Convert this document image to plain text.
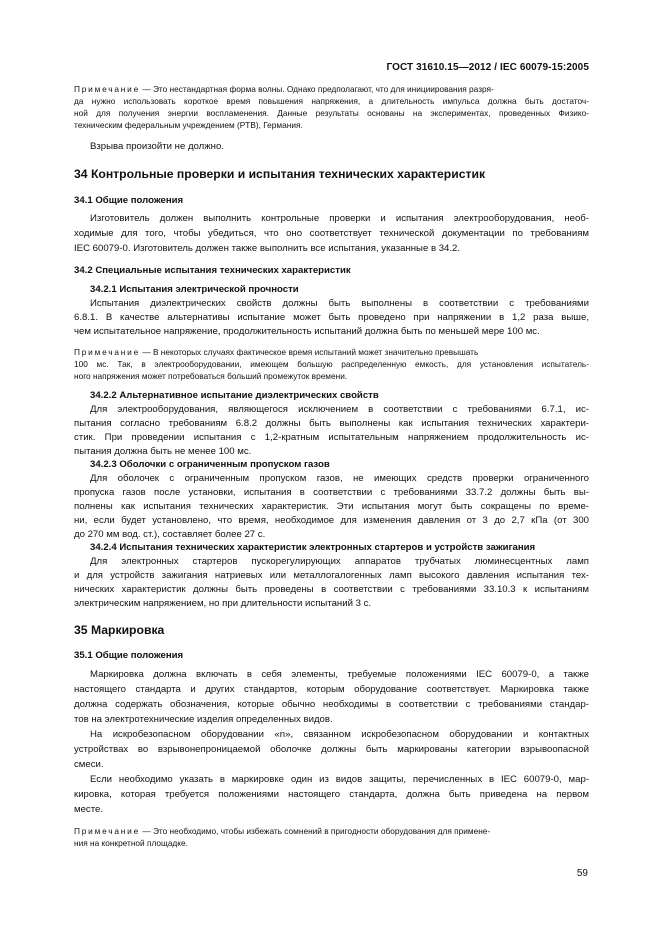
ГОСТ 31610.15—2012 / IEC 60079-15:2005

Примечание — Это нестандартная форма волны. Однако предполагают, что для инициирования разря-
да нужно использовать короткое время повышения напряжения, а длительность импульса должна быть достаточ-
ной для получения энергии воспламенения. Данные результаты основаны на экспериментах, проведенных Физико-
техническим федеральным учреждением (PTB), Германия.
Взрыва произойти не должно.
34 Контрольные проверки и испытания технических характеристик
34.1 Общие положения
Изготовитель должен выполнить контрольные проверки и испытания электрооборудования, необ-
ходимые для того, чтобы убедиться, что оно соответствует технической документации по требованиям
IEC 60079-0. Изготовитель должен также выполнить все испытания, указанные в 34.2.
34.2 Специальные испытания технических характеристик
34.2.1 Испытания электрической прочности
Испытания диэлектрических свойств должны быть выполнены в соответствии с требованиями
6.8.1. В качестве альтернативы испытание может быть проведено при напряжении в 1,2 раза выше,
чем испытательное напряжение, продолжительность испытаний должна быть по меньшей мере 100 мс.
Примечание — В некоторых случаях фактическое время испытаний может значительно превышать
100 мс. Так, в электрооборудовании, имеющем большую распределенную емкость, для установления испытатель-
ного напряжения может потребоваться больший промежуток времени.
34.2.2 Альтернативное испытание диэлектрических свойств
Для электрооборудования, являющегося исключением в соответствии с требованиями 6.7.1, ис-
пытания согласно требованиям 6.8.2 должны быть выполнены как испытания технических характери-
стик. При проведении испытания с 1,2-кратным испытательным напряжением продолжительность ис-
пытания должна быть не менее 100 мс.
34.2.3 Оболочки с ограниченным пропуском газов
Для оболочек с ограниченным пропуском газов, не имеющих средств проверки ограниченного
пропуска газов после установки, испытания в соответствии с требованиями 33.7.2 должны быть вы-
полнены как испытания технических характеристик. Эти испытания могут быть сокращены по време-
ни, если будет установлено, что время, необходимое для изменения давления от 3 до 2,7 кПа (от 300
до 270 мм вод. ст.), составляет более 27 с.
34.2.4 Испытания технических характеристик электронных стартеров и устройств зажигания
Для электронных стартеров пускорегулирующих аппаратов трубчатых люминесцентных ламп
и для устройств зажигания натриевых или металлогалогенных ламп высокого давления испытания тех-
нических характеристик должны быть проведены в соответствии с требованиями 33.10.3 к испытаниям
электрическим напряжением, но при длительности испытаний 3 с.
35 Маркировка
35.1 Общие положения
Маркировка должна включать в себя элементы, требуемые положениями IEC 60079-0, а также
настоящего стандарта и других стандартов, которым оборудование соответствует. Маркировка также
должна содержать обозначения, которые обычно необходимы в соответствии с требованиями стандар-
тов на электротехнические изделия определенных видов.
На искробезопасном оборудовании «n», связанном искробезопасном оборудовании и контактных
устройствах во взрывонепроницаемой оболочке должны быть маркированы категории взрывоопасной
смеси.
Если необходимо указать в маркировке один из видов защиты, перечисленных в IEC 60079-0, мар-
кировка, которая требуется положениями настоящего стандарта, должна быть приведена на первом
месте.
Примечание — Это необходимо, чтобы избежать сомнений в пригодности оборудования для примене-
ния на конкретной площадке.
59
